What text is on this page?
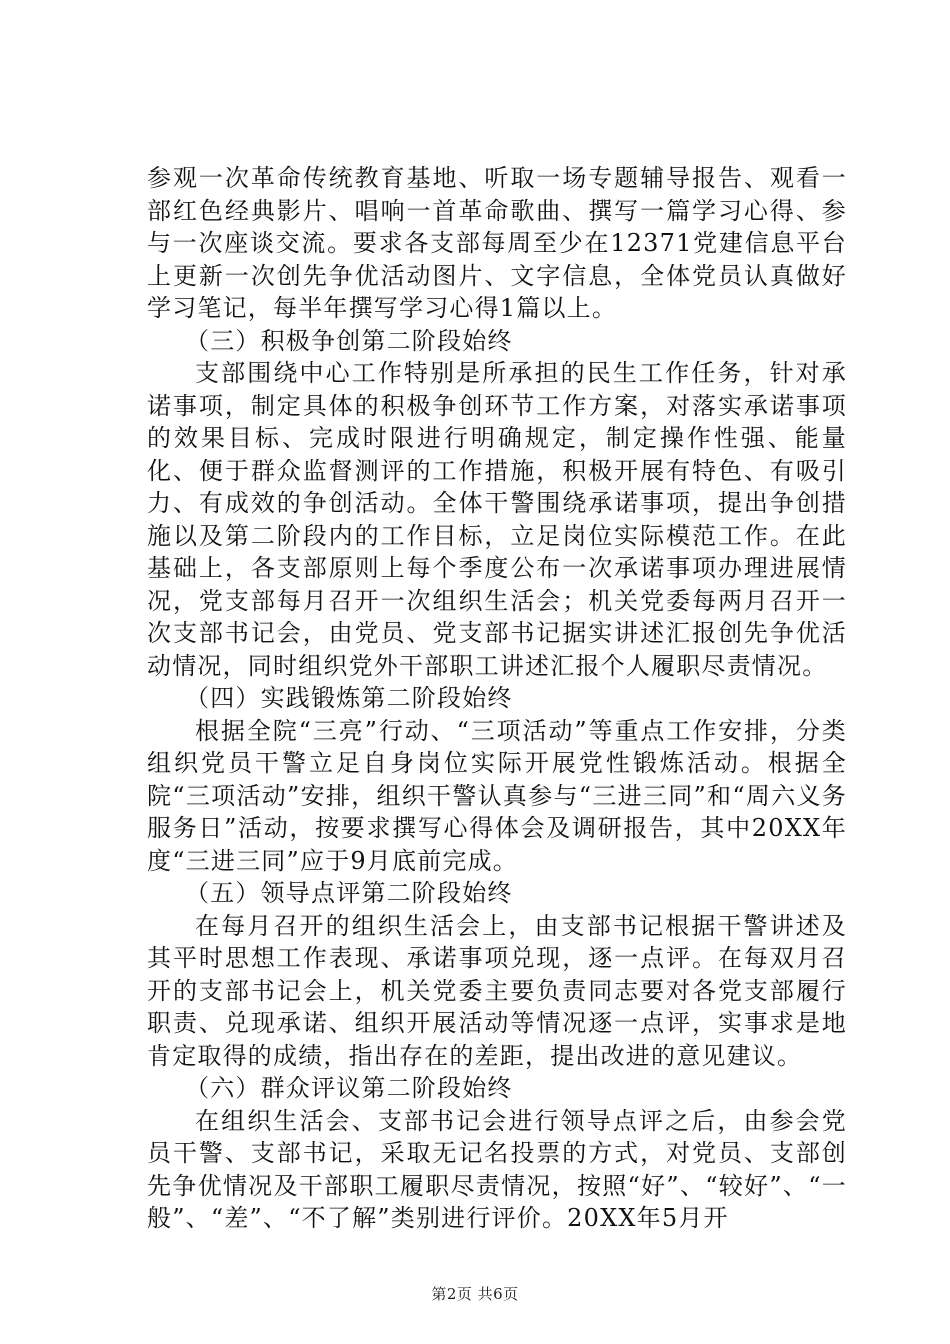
参观一次革命传统教育基地、听取一场专题辅导报告、观看一部红色经典影片、唱响一首革命歌曲、撰写一篇学习心得、参与一次座谈交流。要求各支部每周至少在12371党建信息平台上更新一次创先争优活动图片、文字信息，全体党员认真做好学习笔记，每半年撰写学习心得1篇以上。

（三）积极争创第二阶段始终

支部围绕中心工作特别是所承担的民生工作任务，针对承诺事项，制定具体的积极争创环节工作方案，对落实承诺事项的效果目标、完成时限进行明确规定，制定操作性强、能量化、便于群众监督测评的工作措施，积极开展有特色、有吸引力、有成效的争创活动。全体干警围绕承诺事项，提出争创措施以及第二阶段内的工作目标，立足岗位实际模范工作。在此基础上，各支部原则上每个季度公布一次承诺事项办理进展情况，党支部每月召开一次组织生活会；机关党委每两月召开一次支部书记会，由党员、党支部书记据实讲述汇报创先争优活动情况，同时组织党外干部职工讲述汇报个人履职尽责情况。

（四）实践锻炼第二阶段始终

根据全院“三亮”行动、“三项活动”等重点工作安排，分类组织党员干警立足自身岗位实际开展党性锻炼活动。根据全院“三项活动”安排，组织干警认真参与“三进三同”和“周六义务服务日”活动，按要求撰写心得体会及调研报告，其中20XX年度“三进三同”应于9月底前完成。

（五）领导点评第二阶段始终

在每月召开的组织生活会上，由支部书记根据干警讲述及其平时思想工作表现、承诺事项兑现，逐一点评。在每双月召开的支部书记会上，机关党委主要负责同志要对各党支部履行职责、兑现承诺、组织开展活动等情况逐一点评，实事求是地肯定取得的成绩，指出存在的差距，提出改进的意见建议。

（六）群众评议第二阶段始终

在组织生活会、支部书记会进行领导点评之后，由参会党员干警、支部书记，采取无记名投票的方式，对党员、支部创先争优情况及干部职工履职尽责情况，按照“好”、“较好”、“一般”、“差”、“不了解”类别进行评价。20XX年5月开

第2页 共6页
